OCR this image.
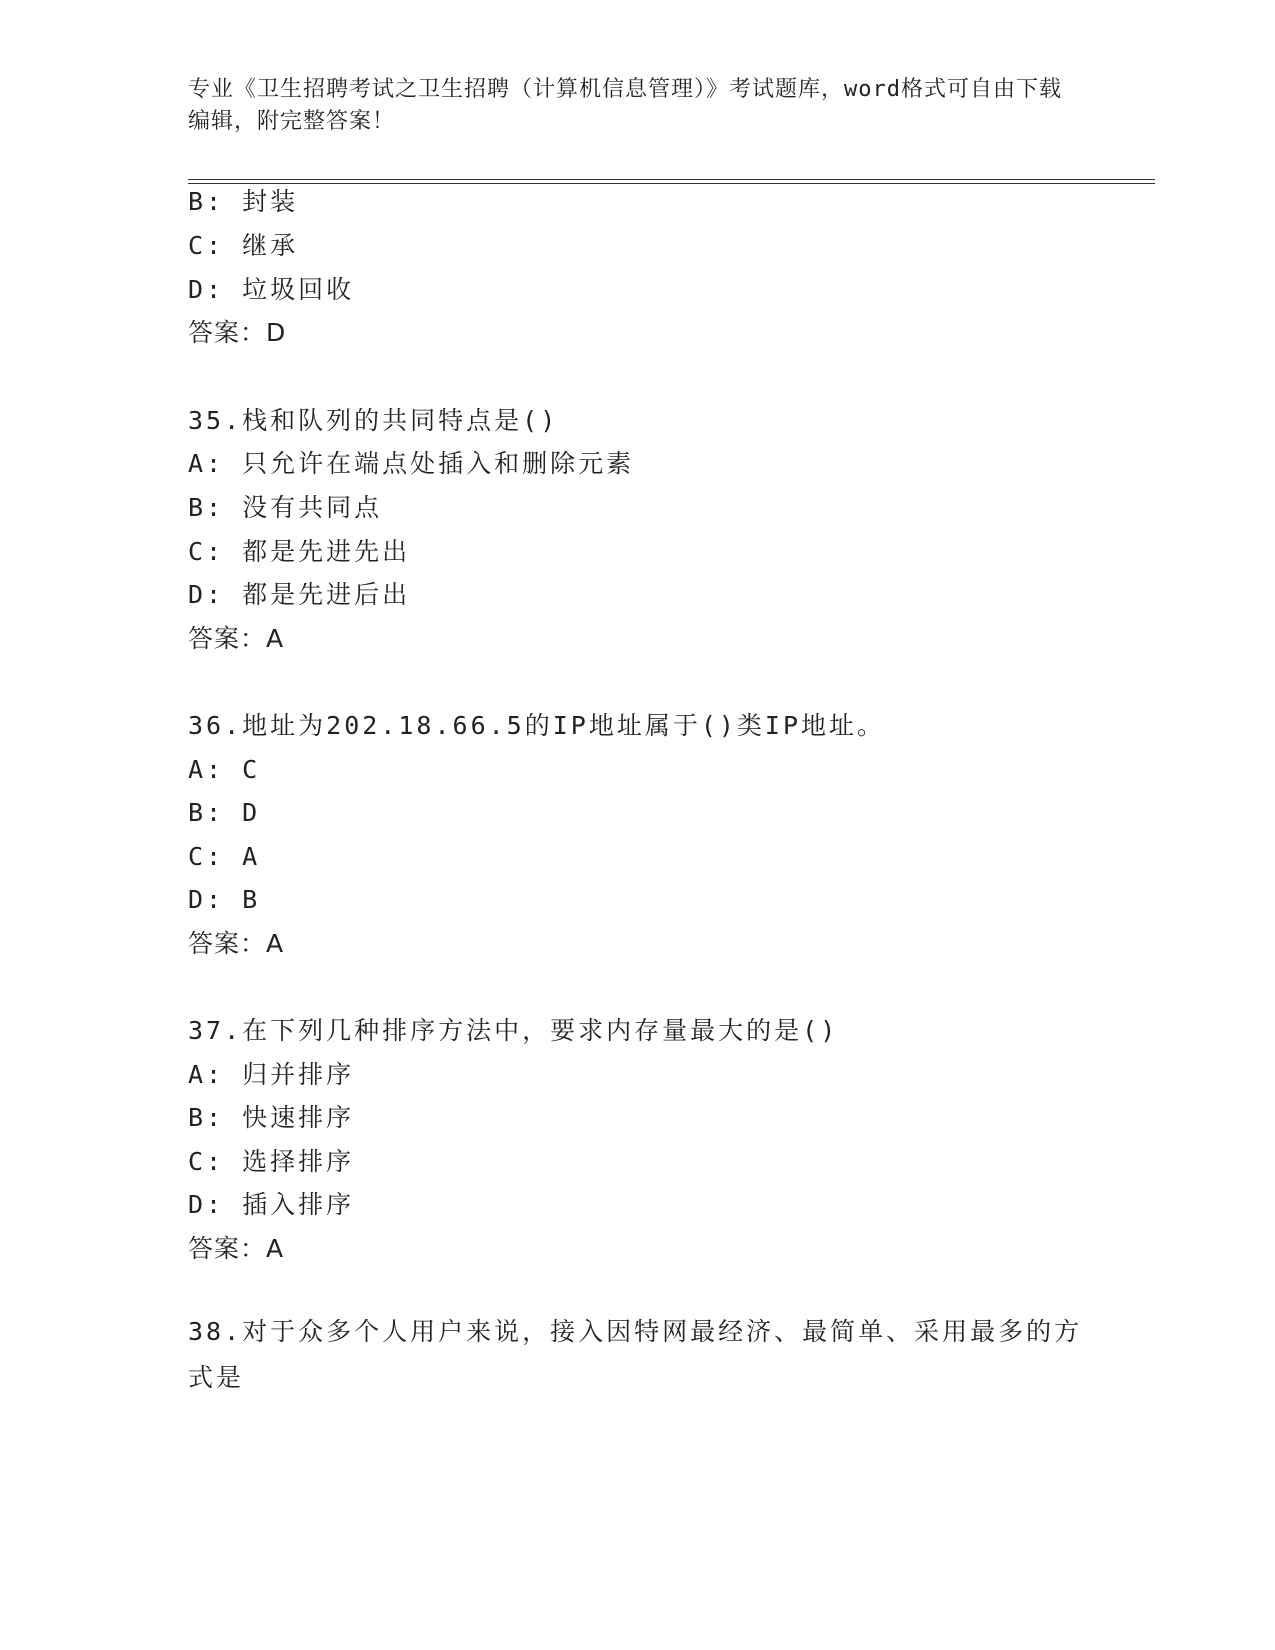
专业《卫生招聘考试之卫生招聘（计算机信息管理）》考试题库，word格式可自由下载编辑，附完整答案！
B: 封装
C: 继承
D: 垃圾回收
答案：D
35.栈和队列的共同特点是()
A: 只允许在端点处插入和删除元素
B: 没有共同点
C: 都是先进先出
D: 都是先进后出
答案：A
36.地址为202.18.66.5的IP地址属于()类IP地址。
A: C
B: D
C: A
D: B
答案：A
37.在下列几种排序方法中，要求内存量最大的是()
A: 归并排序
B: 快速排序
C: 选择排序
D: 插入排序
答案：A
38.对于众多个人用户来说，接入因特网最经济、最简单、采用最多的方式是
